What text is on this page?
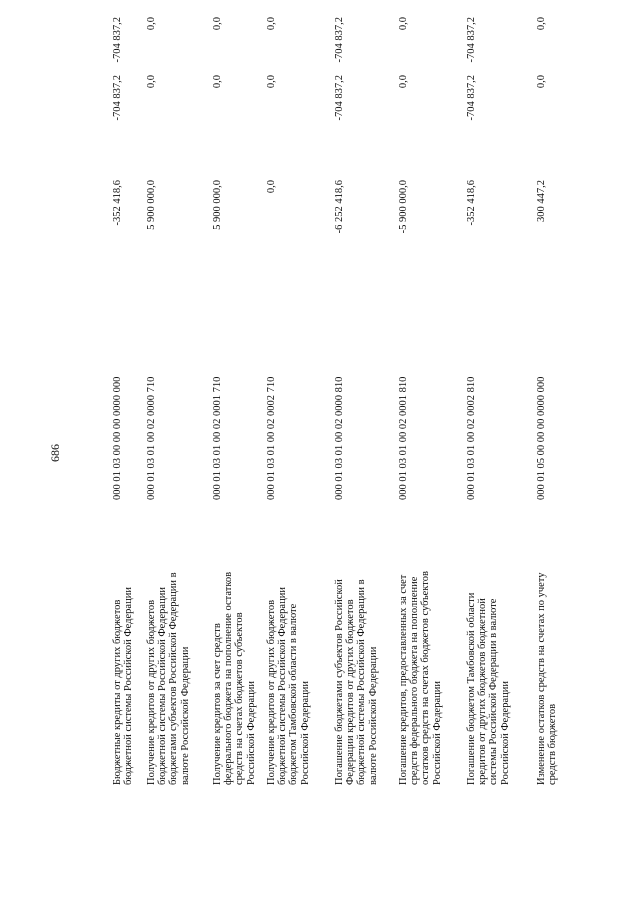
686
Бюджетные кредиты от других бюджетов бюджетной системы Российской Федерации
000 01 03 00 00 00 0000 000
-352 418,6
-704 837,2
-704 837,2
Получение кредитов от других бюджетов бюджетной системы Российской Федерации бюджетами субъектов Российской Федерации в валюте Российской Федерации
000 01 03 01 00 02 0000 710
5 900 000,0
0,0
0,0
Получение кредитов за счет средств федерального бюджета на пополнение остатков средств на счетах бюджетов субъектов Российской Федерации
000 01 03 01 00 02 0001 710
5 900 000,0
0,0
0,0
Получение кредитов от других бюджетов бюджетной системы Российской Федерации бюджетом Тамбовской области в валюте Российской Федерации
000 01 03 01 00 02 0002 710
0,0
0,0
0,0
Погашение бюджетами субъектов Российской Федерации кредитов от других бюджетов бюджетной системы Российской Федерации в валюте Российской Федерации
000 01 03 01 00 02 0000 810
-6 252 418,6
-704 837,2
-704 837,2
Погашение кредитов, предоставленных за счет средств федерального бюджета на пополнение остатков средств на счетах бюджетов субъектов Российской Федерации
000 01 03 01 00 02 0001 810
-5 900 000,0
0,0
0,0
Погашение бюджетом Тамбовской области кредитов от других бюджетов бюджетной системы Российской Федерации в валюте Российской Федерации
000 01 03 01 00 02 0002 810
-352 418,6
-704 837,2
-704 837,2
Изменение остатков средств на счетах по учету средств бюджетов
000 01 05 00 00 00 0000 000
300 447,2
0,0
0,0
